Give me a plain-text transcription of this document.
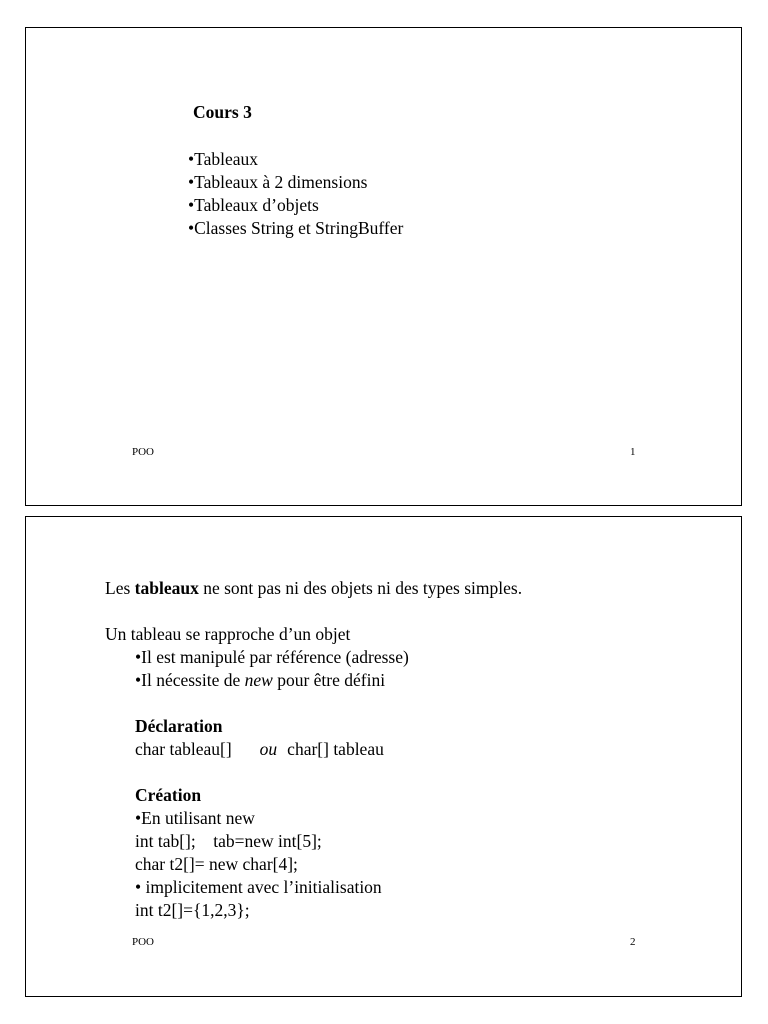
Cours 3
•Tableaux
•Tableaux à 2 dimensions
•Tableaux d’objets
•Classes String et StringBuffer
POO	1
Les tableaux ne sont pas ni des objets ni des types simples.
Un tableau se rapproche d’un objet
•Il est manipulé par référence (adresse)
•Il nécessite de new pour être défini
Déclaration
char tableau[] ou char[] tableau
Création
•En utilisant new
int tab[];    tab=new int[5];
char t2[]= new char[4];
• implicitement avec l’initialisation
int t2[]={1,2,3};
POO	2
